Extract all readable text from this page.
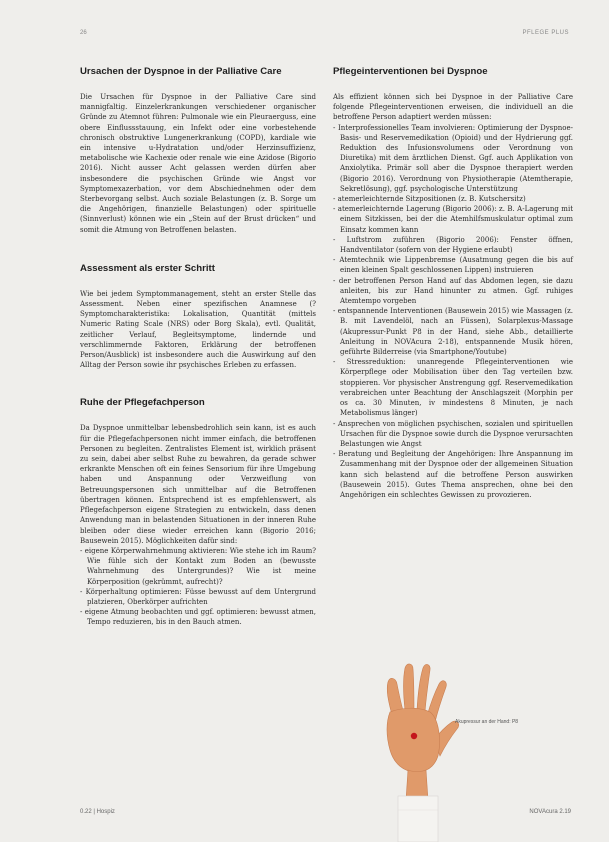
26	PFLEGE PLUS
Ursachen der Dyspnoe in der Palliative Care

Die Ursachen für Dyspnoe in der Palliative Care sind mannigfaltig. Einzelerkrankungen verschiedener organischer Gründe zu Atemnot führen: Pulmonale wie ein Pleuraerguss, eine obere Einflussstauung, ein Infekt oder eine vorbestehende chronisch obstruktive Lungenerkrankung (COPD), kardiale wie ein intensive u-Hydratation und/oder Herzinsuffizienz, metabolische wie Kachexie oder renale wie eine Azidose (Bigorio 2016). Nicht ausser Acht gelassen werden dürfen aber insbesondere die psychischen Gründe wie Angst vor Symptomexazerbation, vor dem Abschiednehmen oder dem Sterbevorgang selbst. Auch soziale Belastungen (z. B. Sorge um die Angehörigen, finanzielle Belastungen) oder spirituelle (Sinnverlust) können wie ein „Stein auf der Brust drücken“ und somit die Atmung von Betroffenen belasten.

Assessment als erster Schritt

Wie bei jedem Symptommanagement, steht an erster Stelle das Assessment. Neben einer spezifischen Anamnese (? Symptomcharakteristika: Lokalisation, Quantität (mittels Numeric Rating Scale (NRS) oder Borg Skala), evtl. Qualität, zeitlicher Verlauf, Begleitsymptome, lindernde und verschlimmernde Faktoren, Erklärung der betroffenen Person/Ausblick) ist insbesondere auch die Auswirkung auf den Alltag der Person sowie ihr psychisches Erleben zu erfassen.

Ruhe der Pflegefachperson

Da Dyspnoe unmittelbar lebensbedrohlich sein kann, ist es auch für die Pflegefachpersonen nicht immer einfach, die betroffenen Personen zu begleiten. Zentralistes Element ist, wirklich präsent zu sein, dabei aber selbst Ruhe zu bewahren, da gerade schwer erkrankte Menschen oft ein feines Sensorium für ihre Umgebung haben und Anspannung oder Verzweiflung von Betreuungspersonen sich unmittelbar auf die Betroffenen übertragen können. Entsprechend ist es empfehlenswert, als Pflegefachperson eigene Strategien zu entwickeln, dass denen Anwendung man in belastenden Situationen in der inneren Ruhe bleiben oder diese wieder erreichen kann (Bigorio 2016; Bausewein 2015). Möglichkeiten dafür sind:

- eigene Körperwahrnehmung aktivieren: Wie stehe ich im Raum? Wie fühle sich der Kontakt zum Boden an (bewusste Wahrnehmung des Untergrundes)? Wie ist meine Körperposition (gekrümmt, aufrecht)?
- Körperhaltung optimieren: Füsse bewusst auf dem Untergrund platzieren, Oberkörper aufrichten
- eigene Atmung beobachten und ggf. optimieren: bewusst atmen, Tempo reduzieren, bis in den Bauch atmen.
Pflegeinterventionen bei Dyspnoe

Als effizient können sich bei Dyspnoe in der Palliative Care folgende Pflegeinterventionen erweisen, die individuell an die betroffene Person adaptiert werden müssen:

- Interprofessionelles Team involvieren: Optimierung der Dyspnoe-Basis- und Reservemedikation (Opioid) und der Hydrierung ggf. Reduktion des Infusionsvolumens oder Verordnung von Diuretika) mit dem ärztlichen Dienst. Ggf. auch Applikation von Anxiolytika. Primär soll aber die Dyspnoe therapiert werden (Bigorio 2016). Verordnung von Physiotherapie (Atemtherapie, Sekretlösung), ggf. psychologische Unterstützung
- atemerleichternde Sitzpositionen (z. B. Kutschersitz)
- atemerleichternde Lagerung (Bigorio 2006): z. B. A-Lagerung mit einem Sitzkissen, bei der die Atemhilfsmuskulatur optimal zum Einsatz kommen kann
- Luftstrom zuführen (Bigorio 2006): Fenster öffnen, Handventilator (sofern von der Hygiene erlaubt)
- Atemtechnik wie Lippenbremse (Ausatmung gegen die bis auf einen kleinen Spalt geschlossenen Lippen) instruieren
- der betroffenen Person Hand auf das Abdomen legen, sie dazu anleiten, bis zur Hand hinunter zu atmen. Ggf. ruhiges Atemtempo vorgeben
- entspannende Interventionen (Bausewein 2015) wie Massagen (z. B. mit Lavendelöl, nach an Füssen), Solarplexus-Massage (Akupressur-Punkt P8 in der Hand, siehe Abb., detaillierte Anleitung in NOVAcura 2-18), entspannende Musik hören, geführte Bilderreise (via Smartphone/Youtube)
- Stressreduktion: unanregende Pflegeinterventionen wie Körperpflege oder Mobilisation über den Tag verteilen bzw. stoppieren. Vor physischer Anstrengung ggf. Reservemedikation verabreichen unter Beachtung der Anschlagszeit (Morphin per os ca. 30 Minuten, iv mindestens 8 Minuten, je nach Metabolismus länger)
- Ansprechen von möglichen psychischen, sozialen und spirituellen Ursachen für die Dyspnoe sowie durch die Dyspnoe verursachten Belastungen wie Angst
- Beratung und Begleitung der Angehörigen: Ihre Anspannung im Zusammenhang mit der Dyspnoe oder der allgemeinen Situation kann sich belastend auf die betroffene Person auswirken (Bausewein 2015). Gutes Thema ansprechen, ohne bei den Angehörigen ein schlechtes Gewissen zu provozieren.
Akupressur an der Hand: P8
0.22 | Hospiz	NOVAcura 2.19
